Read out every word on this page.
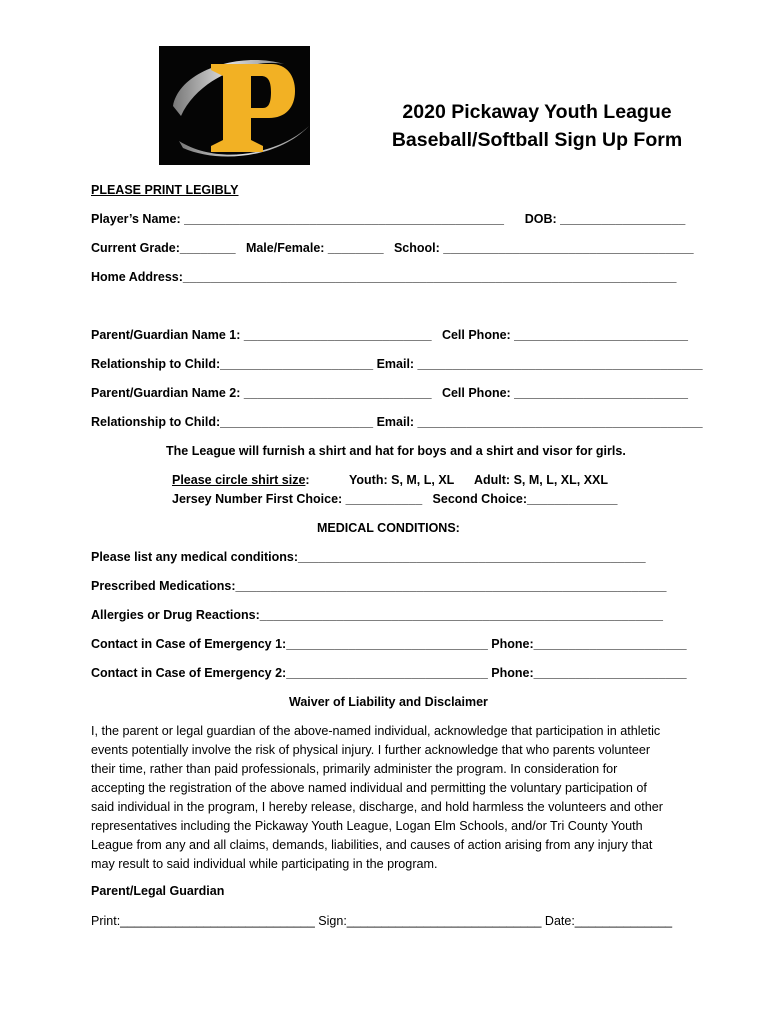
2020 Pickaway Youth League
Baseball/Softball Sign Up Form
PLEASE PRINT LEGIBLY
Player’s Name: ______________________________________________      DOB: __________________
Current Grade:________   Male/Female: ________   School: ____________________________________
Home Address:_______________________________________________________________________
Parent/Guardian Name 1: ___________________________   Cell Phone: _________________________
Relationship to Child:______________________ Email: _________________________________________
Parent/Guardian Name 2: ___________________________   Cell Phone: _________________________
Relationship to Child:______________________ Email: _________________________________________
The League will furnish a shirt and hat for boys and a shirt and visor for girls.
Please circle shirt size:	Youth: S, M, L, XL Adult: S, M, L, XL, XXL
Jersey Number First Choice: ___________   Second Choice:_____________
MEDICAL CONDITIONS:
Please list any medical conditions:__________________________________________________
Prescribed Medications:______________________________________________________________
Allergies or Drug Reactions:__________________________________________________________
Contact in Case of Emergency 1:_____________________________ Phone:______________________
Contact in Case of Emergency 2:_____________________________ Phone:______________________
Waiver of Liability and Disclaimer
I, the parent or legal guardian of the above-named individual, acknowledge that participation in athletic
events potentially involve the risk of physical injury. I further acknowledge that who parents volunteer
their time, rather than paid professionals, primarily administer the program. In consideration for
accepting the registration of the above named individual and permitting the voluntary participation of
said individual in the program, I hereby release, discharge, and hold harmless the volunteers and other
representatives including the Pickaway Youth League, Logan Elm Schools, and/or Tri County Youth
League from any and all claims, demands, liabilities, and causes of action arising from any injury that
may result to said individual while participating in the program.
Parent/Legal Guardian
Print:____________________________ Sign:____________________________ Date:______________
